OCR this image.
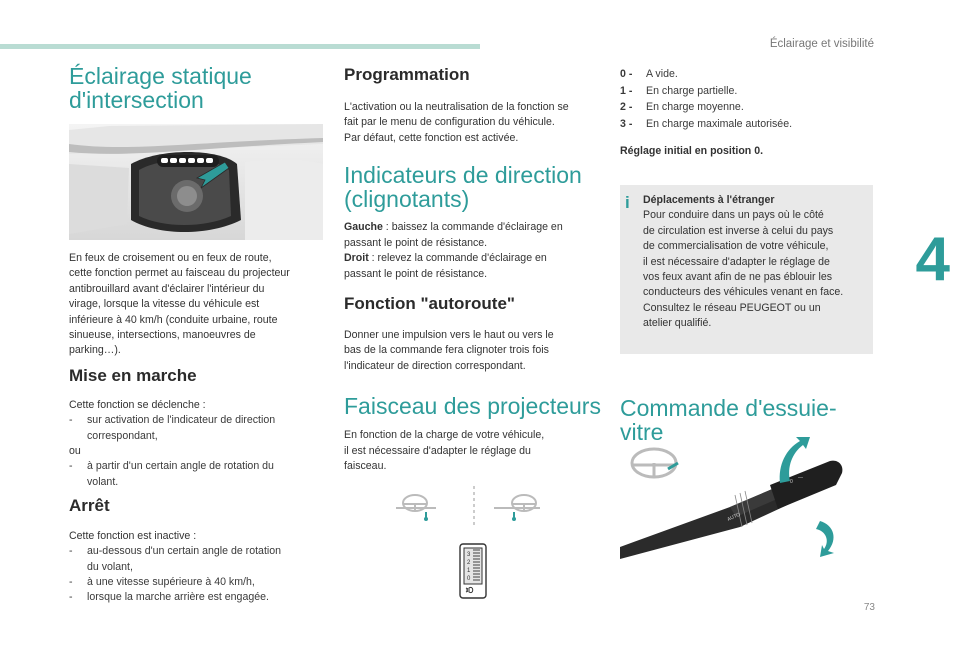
Éclairage et visibilité
4
73
Éclairage statique
d'intersection
En feux de croisement ou en feux de route,
cette fonction permet au faisceau du projecteur
antibrouillard avant d'éclairer l'intérieur du
virage, lorsque la vitesse du véhicule est
inférieure à 40 km/h (conduite urbaine, route
sinueuse, intersections, manoeuvres de
parking…).
Mise en marche
Cette fonction se déclenche :
-	sur activation de l'indicateur de direction
correspondant,
ou
-	à partir d'un certain angle de rotation du
volant.
Arrêt
Cette fonction est inactive :
-	au-dessous d'un certain angle de rotation
du volant,
-	à une vitesse supérieure à 40 km/h,
-	lorsque la marche arrière est engagée.
Programmation
L'activation ou la neutralisation de la fonction se
fait par le menu de configuration du véhicule.
Par défaut, cette fonction est activée.
Indicateurs de direction
(clignotants)
Gauche : baissez la commande d'éclairage en
passant le point de résistance.
Droit : relevez la commande d'éclairage en
passant le point de résistance.
Fonction "autoroute"
Donner une impulsion vers le haut ou vers le
bas de la commande fera clignoter trois fois
l'indicateur de direction correspondant.
Faisceau des projecteurs
En fonction de la charge de votre véhicule,
il est nécessaire d'adapter le réglage du
faisceau.
3
2
1
0
0 -	A vide.
1 -	En charge partielle.
2 -	En charge moyenne.
3 -	En charge maximale autorisée.
Réglage initial en position 0.
i	Déplacements à l'étranger
Pour conduire dans un pays où le côté
de circulation est inverse à celui du pays
de commercialisation de votre véhicule,
il est nécessaire d'adapter le réglage de
vos feux avant afin de ne pas éblouir les
conducteurs des véhicules venant en face.
Consultez le réseau PEUGEOT ou un
atelier qualifié.
Commande d'essuie-vitre
AUTO
0
—
